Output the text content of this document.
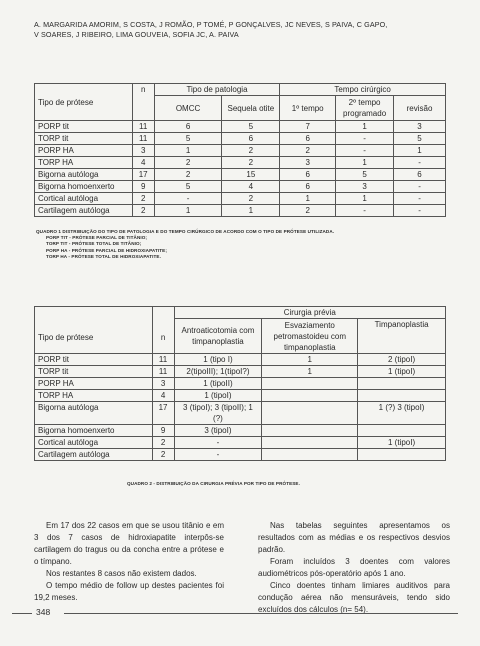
A. MARGARIDA AMORIM, S COSTA, J ROMÃO, P TOMÉ, P GONÇALVES, JC NEVES, S PAIVA, C GAPO,
V SOARES, J RIBEIRO, LIMA GOUVEIA, SOFIA JC, A. PAIVA
Tipo de prótese	n	Tipo de patologia		Tempo cirúrgico		
		OMCC	Sequela otite	1º tempo	2º tempo programado	revisão
PORP tit	11	6	5	7	1	3
TORP tit	11	5	6	6	-	5
PORP HA	3	1	2	2	-	1
TORP HA	4	2	2	3	1	-
Bigorna autóloga	17	2	15	6	5	6
Bigorna homoenxerto	9	5	4	6	3	-
Cortical autóloga	2	-	2	1	1	-
Cartilagem autóloga	2	1	1	2	-	-
QUADRO 1 DISTRIBUIÇÃO DO TIPO DE PATOLOGIA E DO TEMPO CIRÚRGICO DE ACORDO COM O TIPO DE PRÓTESE UTILIZADA.
PORP TIT - PRÓTESE PARCIAL DE TITÂNIO;
TORP TIT - PRÓTESE TOTAL DE TITÂNIO;
PORP HA - PRÓTESE PARCIAL DE HIDROXIAPATITE;
TORP HA - PRÓTESE TOTAL DE HIDROXIAPATITE.
Tipo de prótese	n	Cirurgia prévia		
		Antroaticotomia com timpanoplastia	Esvaziamento petromastoideu com timpanoplastia	Timpanoplastia
PORP tit	11	1 (tipo I)	1	2 (tipoI)
TORP tit	11	2(tipoIII); 1(tipoI?)	1	1 (tipoI)
PORP HA	3	1 (tipoII)		
TORP HA	4	1 (tipoI)		
Bigorna autóloga	17	3 (tipoI); 3 (tipoII); 1 (?)		1 (?) 3 (tipoI)
Bigorna homoenxerto	9	3 (tipoI)		
Cortical autóloga	2	-		1 (tipoI)
Cartilagem autóloga	2	-		
QUADRO 2 - DISTRIBUIÇÃO DA CIRURGIA PRÉVIA POR TIPO DE PRÓTESE.

Em 17 dos 22 casos em que se usou titânio e em 3 dos 7 casos de hidroxiapatite interpôs-se cartilagem do tragus ou da concha entre a prótese e o tímpano.

Nos restantes 8 casos não existem dados.

O tempo médio de follow up destes pacientes foi 19,2 meses.

Nas tabelas seguintes apresentamos os resultados com as médias e os respectivos desvios padrão.

Foram incluídos 3 doentes com valores audiométricos pós-operatório após 1 ano.

Cinco doentes tinham limiares auditivos para condução aérea não mensuráveis, tendo sido excluídos dos cálculos (n= 54).

348
